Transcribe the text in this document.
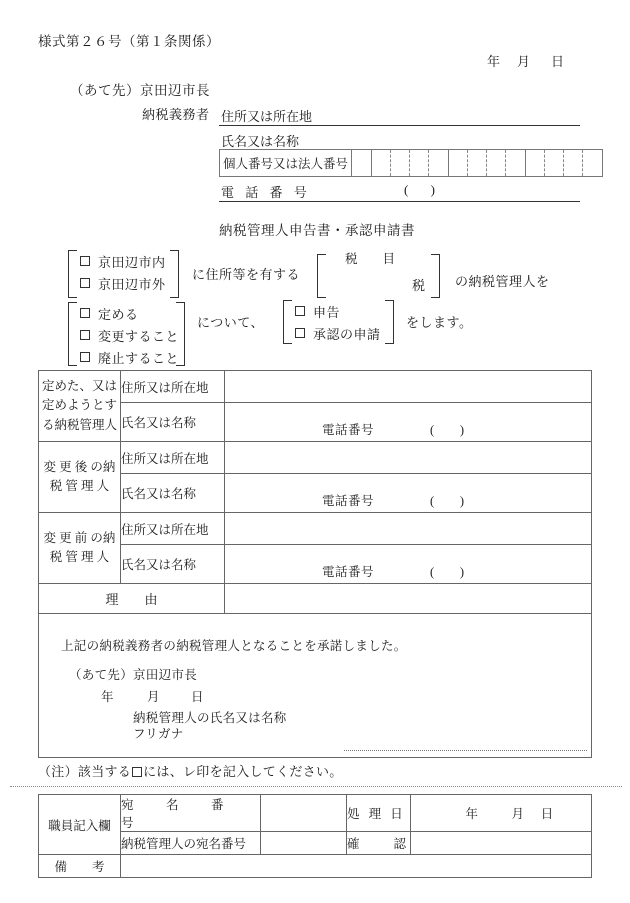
様式第２６号（第１条関係）
年 月 日
（あて先）京田辺市長
納税義務者 住所又は所在地
氏名又は名称
個人番号又は法人番号
電 話 番 号	(     )
納税管理人申告書・承認申請書
京田辺市内
京田辺市外
に住所等を有する
税　　目
税 の納税管理人を
定める
変更すること
廃止すること
について、
申告
承認の申請
をします。
定めた、又は定めようとする納税管理人	住所又は所在地	
	氏名又は名称	電話番号 (      )

変 更 後 の納 税 管 理 人	住所又は所在地	
	氏名又は名称	電話番号 (      )

変 更 前 の納 税 管 理 人	住所又は所在地	
	氏名又は名称	電話番号 (      )

理　　由		

上記の納税義務者の納税管理人となることを承諾しました。
（あて先）京田辺市長
年 月 日
納税管理人の氏名又は名称
フリガナ		
（注）該当する には、レ印を記入してください。
職員記入欄	宛　名　番　号		処 理 日	年 月 日
	納税管理人の宛名番号		確　　認	
備　　考				
